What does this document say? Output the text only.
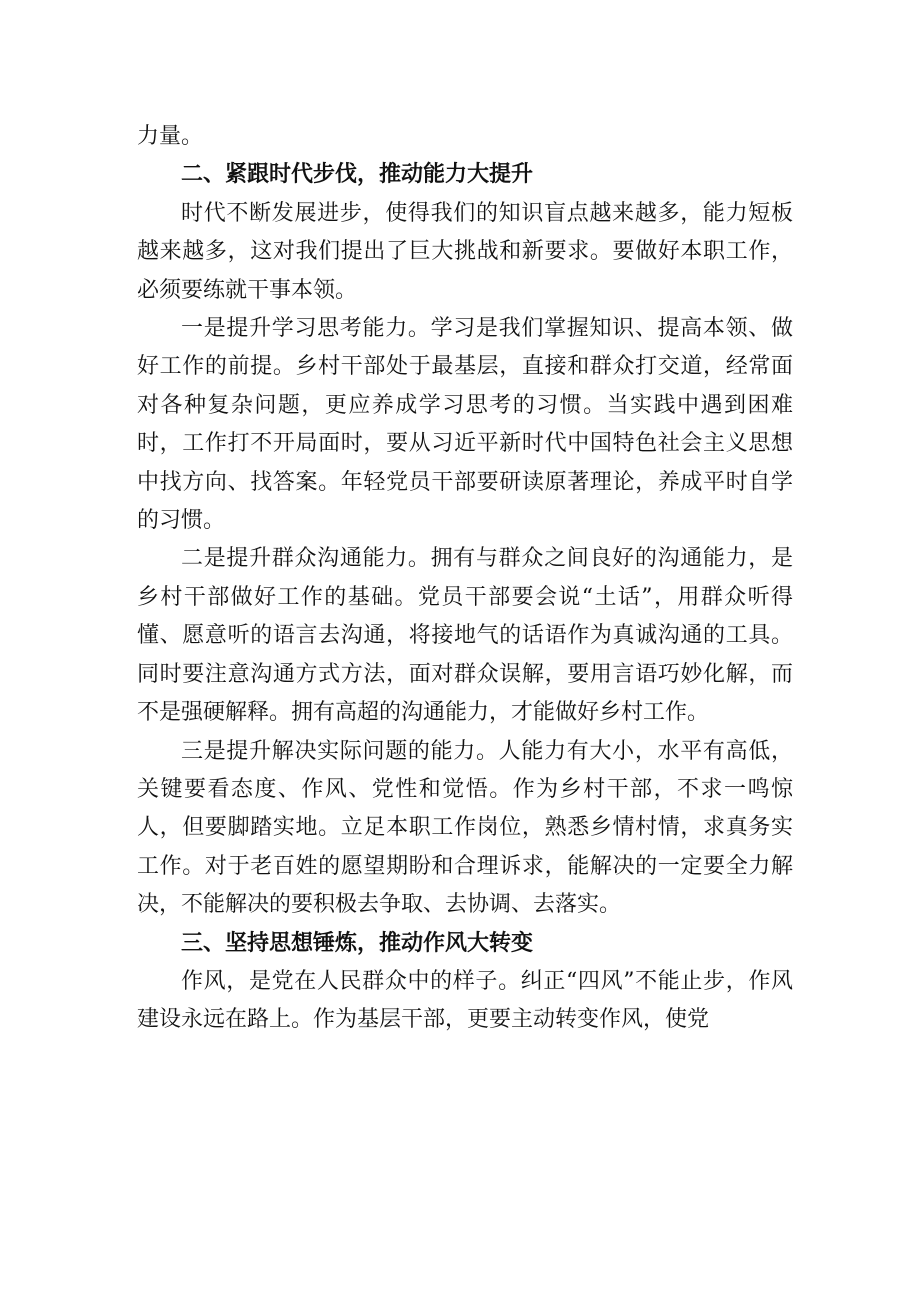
力量。

二、紧跟时代步伐，推动能力大提升

时代不断发展进步，使得我们的知识盲点越来越多，能力短板越来越多，这对我们提出了巨大挑战和新要求。要做好本职工作，必须要练就干事本领。

一是提升学习思考能力。学习是我们掌握知识、提高本领、做好工作的前提。乡村干部处于最基层，直接和群众打交道，经常面对各种复杂问题，更应养成学习思考的习惯。当实践中遇到困难时，工作打不开局面时，要从习近平新时代中国特色社会主义思想中找方向、找答案。年轻党员干部要研读原著理论，养成平时自学的习惯。

二是提升群众沟通能力。拥有与群众之间良好的沟通能力，是乡村干部做好工作的基础。党员干部要会说“土话”，用群众听得懂、愿意听的语言去沟通，将接地气的话语作为真诚沟通的工具。同时要注意沟通方式方法，面对群众误解，要用言语巧妙化解，而不是强硬解释。拥有高超的沟通能力，才能做好乡村工作。

三是提升解决实际问题的能力。人能力有大小，水平有高低，关键要看态度、作风、党性和觉悟。作为乡村干部，不求一鸣惊人，但要脚踏实地。立足本职工作岗位，熟悉乡情村情，求真务实工作。对于老百姓的愿望期盼和合理诉求，能解决的一定要全力解决，不能解决的要积极去争取、去协调、去落实。

三、坚持思想锤炼，推动作风大转变

作风，是党在人民群众中的样子。纠正“四风”不能止步，作风建设永远在路上。作为基层干部，更要主动转变作风，使党
